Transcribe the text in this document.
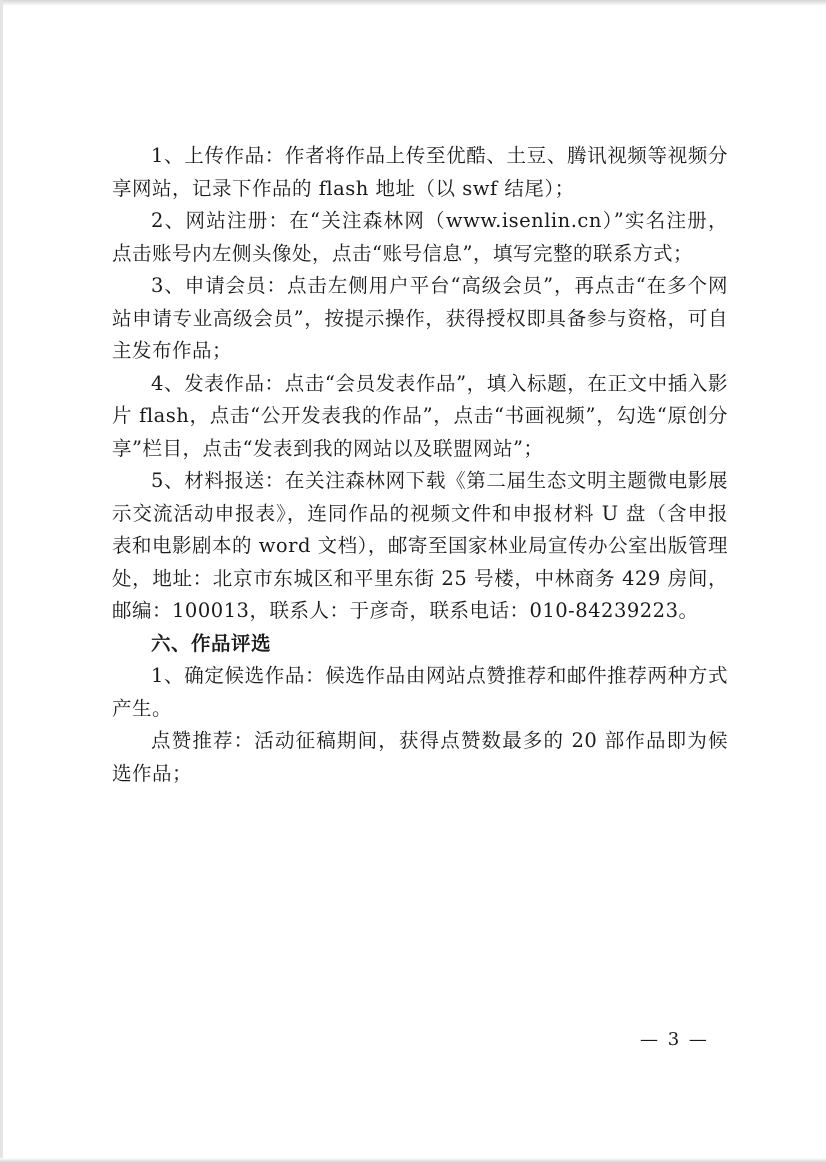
1、上传作品：作者将作品上传至优酷、土豆、腾讯视频等视频分享网站，记录下作品的 flash 地址（以 swf 结尾）；

2、网站注册：在“关注森林网（www.isenlin.cn）”实名注册，点击账号内左侧头像处，点击“账号信息”，填写完整的联系方式；

3、申请会员：点击左侧用户平台“高级会员”，再点击“在多个网站申请专业高级会员”，按提示操作，获得授权即具备参与资格，可自主发布作品；

4、发表作品：点击“会员发表作品”，填入标题，在正文中插入影片 flash，点击“公开发表我的作品”，点击“书画视频”，勾选“原创分享”栏目，点击“发表到我的网站以及联盟网站”；

5、材料报送：在关注森林网下载《第二届生态文明主题微电影展示交流活动申报表》，连同作品的视频文件和申报材料 U 盘（含申报表和电影剧本的 word 文档），邮寄至国家林业局宣传办公室出版管理处，地址：北京市东城区和平里东街 25 号楼，中林商务 429 房间，邮编：100013，联系人：于彦奇，联系电话：010-84239223。

六、作品评选

1、确定候选作品：候选作品由网站点赞推荐和邮件推荐两种方式产生。

点赞推荐：活动征稿期间，获得点赞数最多的 20 部作品即为候选作品；

— 3 —
